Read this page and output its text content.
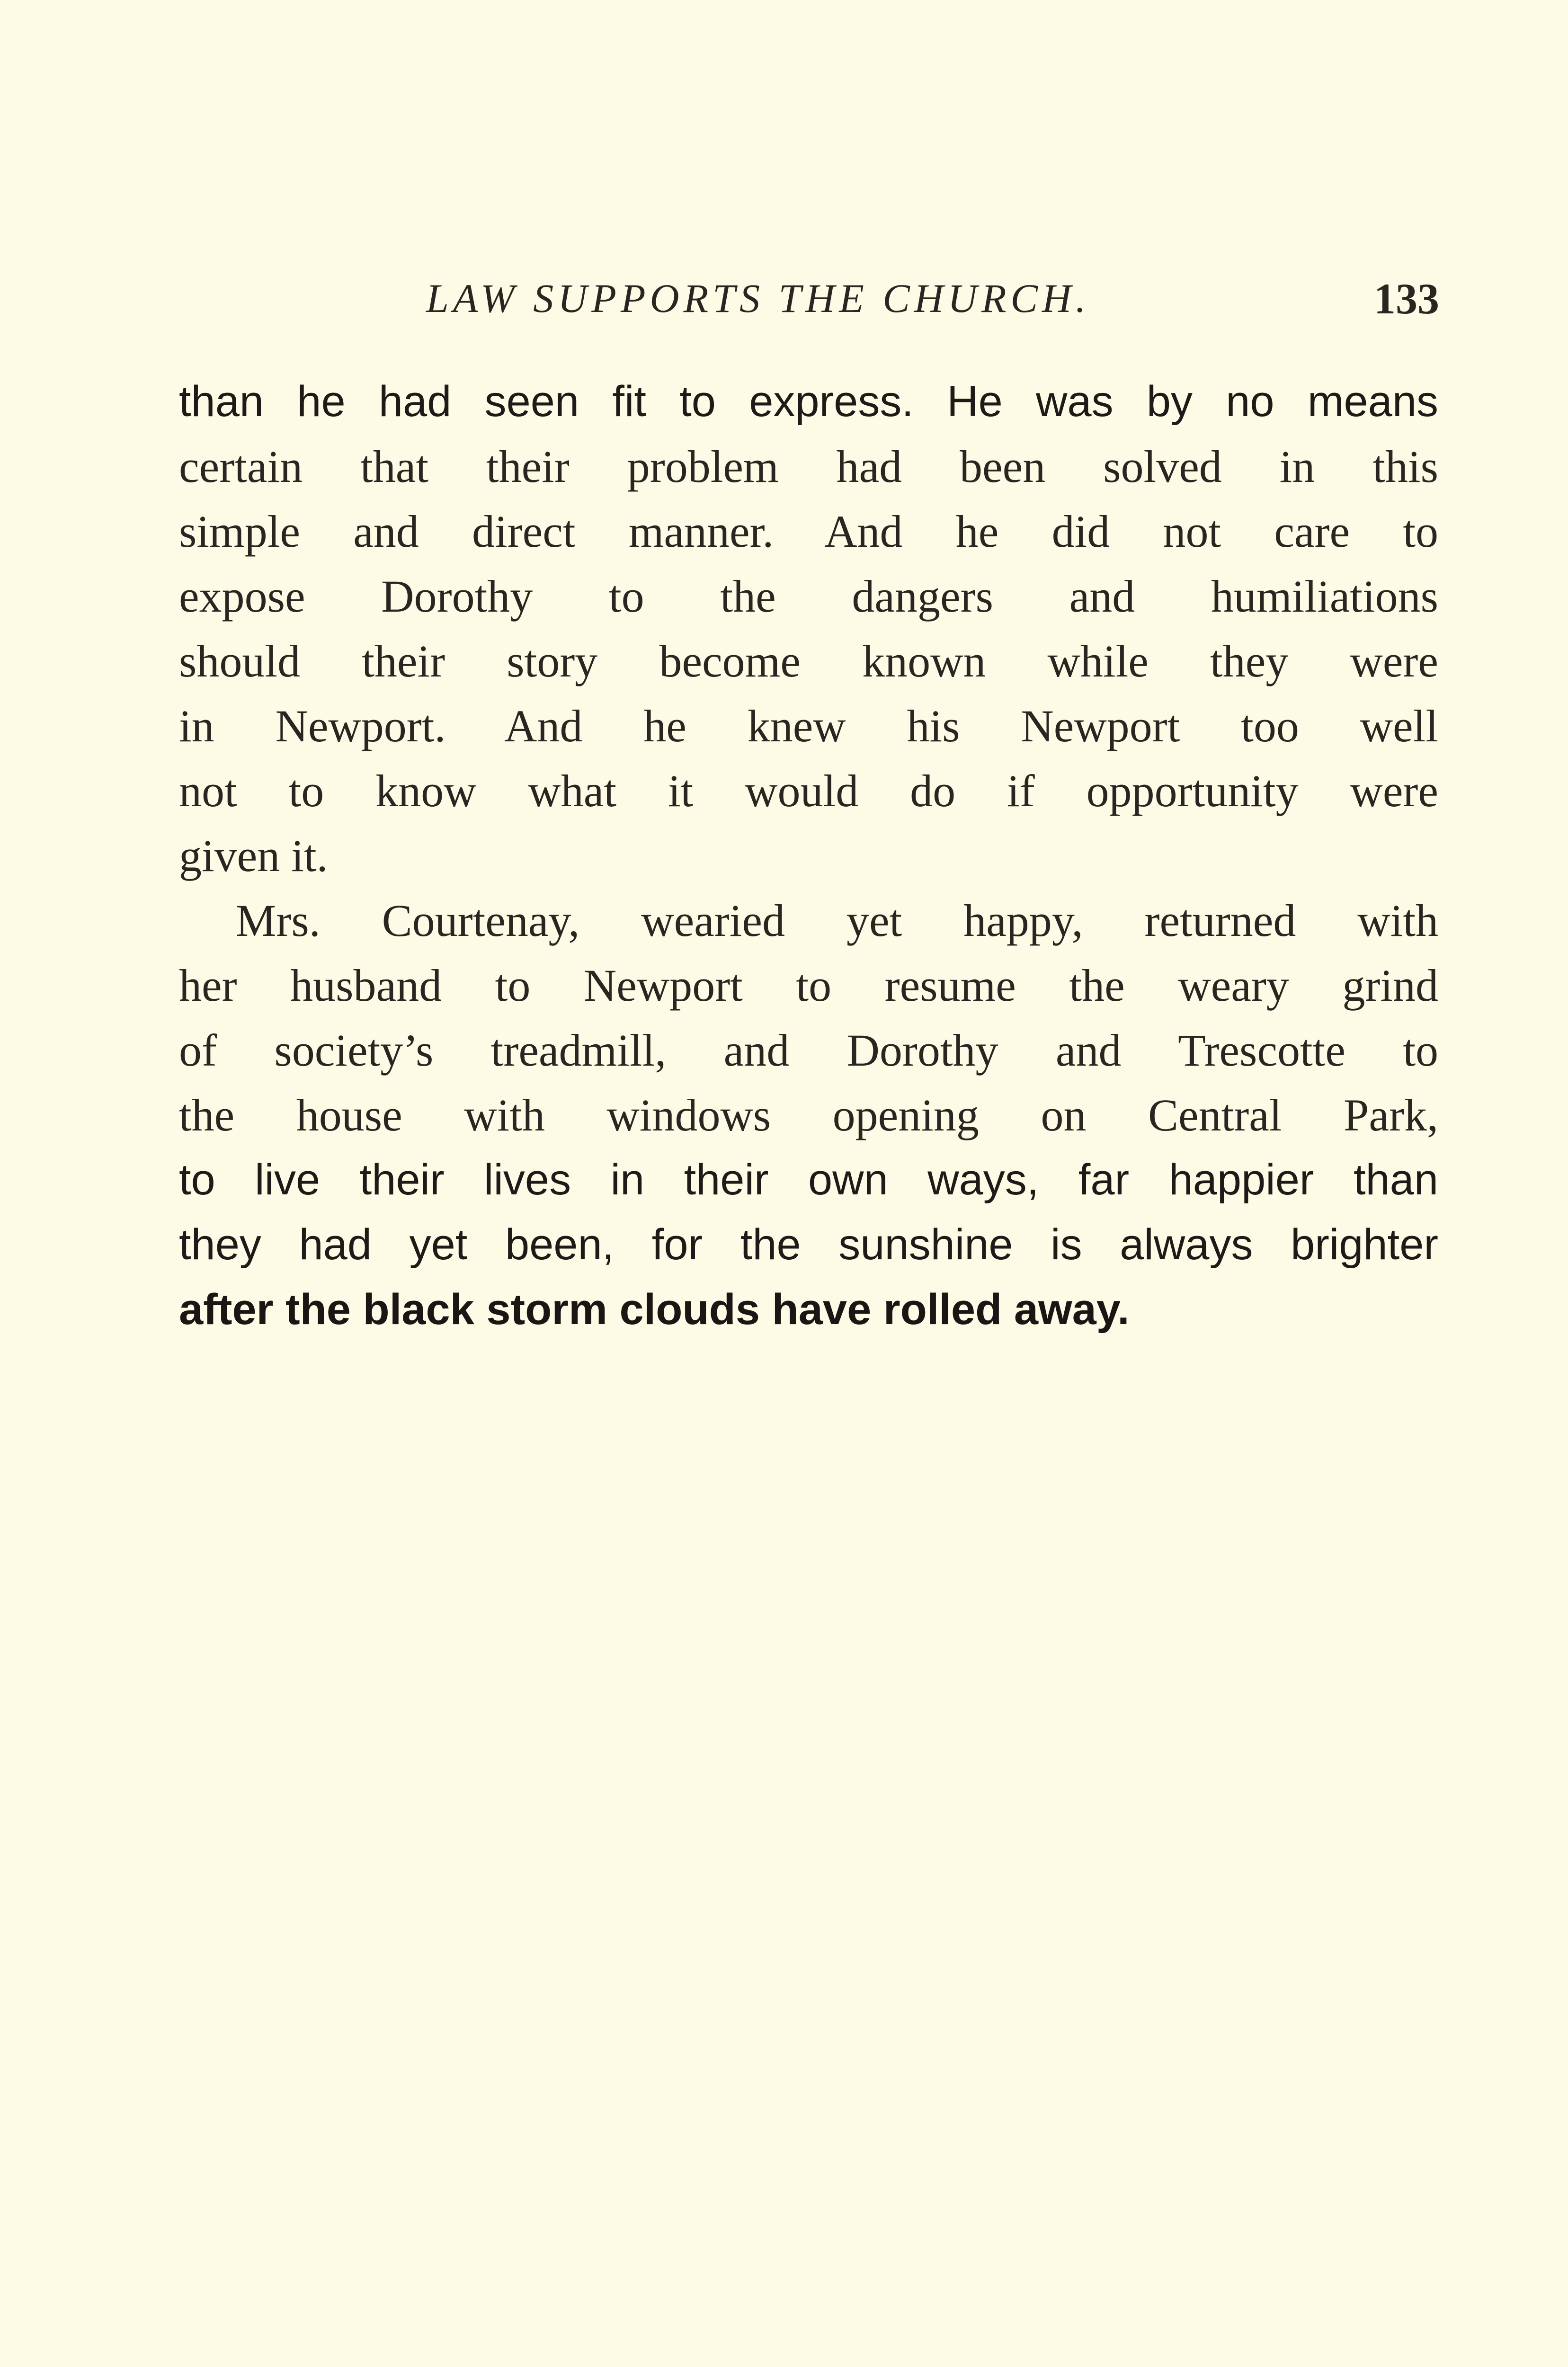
LAW SUPPORTS THE CHURCH.	133
than he had seen fit to express. He was by no means
certain that their problem had been solved in this
simple and direct manner. And he did not care to
expose Dorothy to the dangers and humiliations
should their story become known while they were
in Newport. And he knew his Newport too well
not to know what it would do if opportunity were
given it.
Mrs. Courtenay, wearied yet happy, returned with
her husband to Newport to resume the weary grind
of society’s treadmill, and Dorothy and Trescotte to
the house with windows opening on Central Park,
to live their lives in their own ways, far happier than
they had yet been, for the sunshine is always brighter
after the black storm clouds have rolled away.
